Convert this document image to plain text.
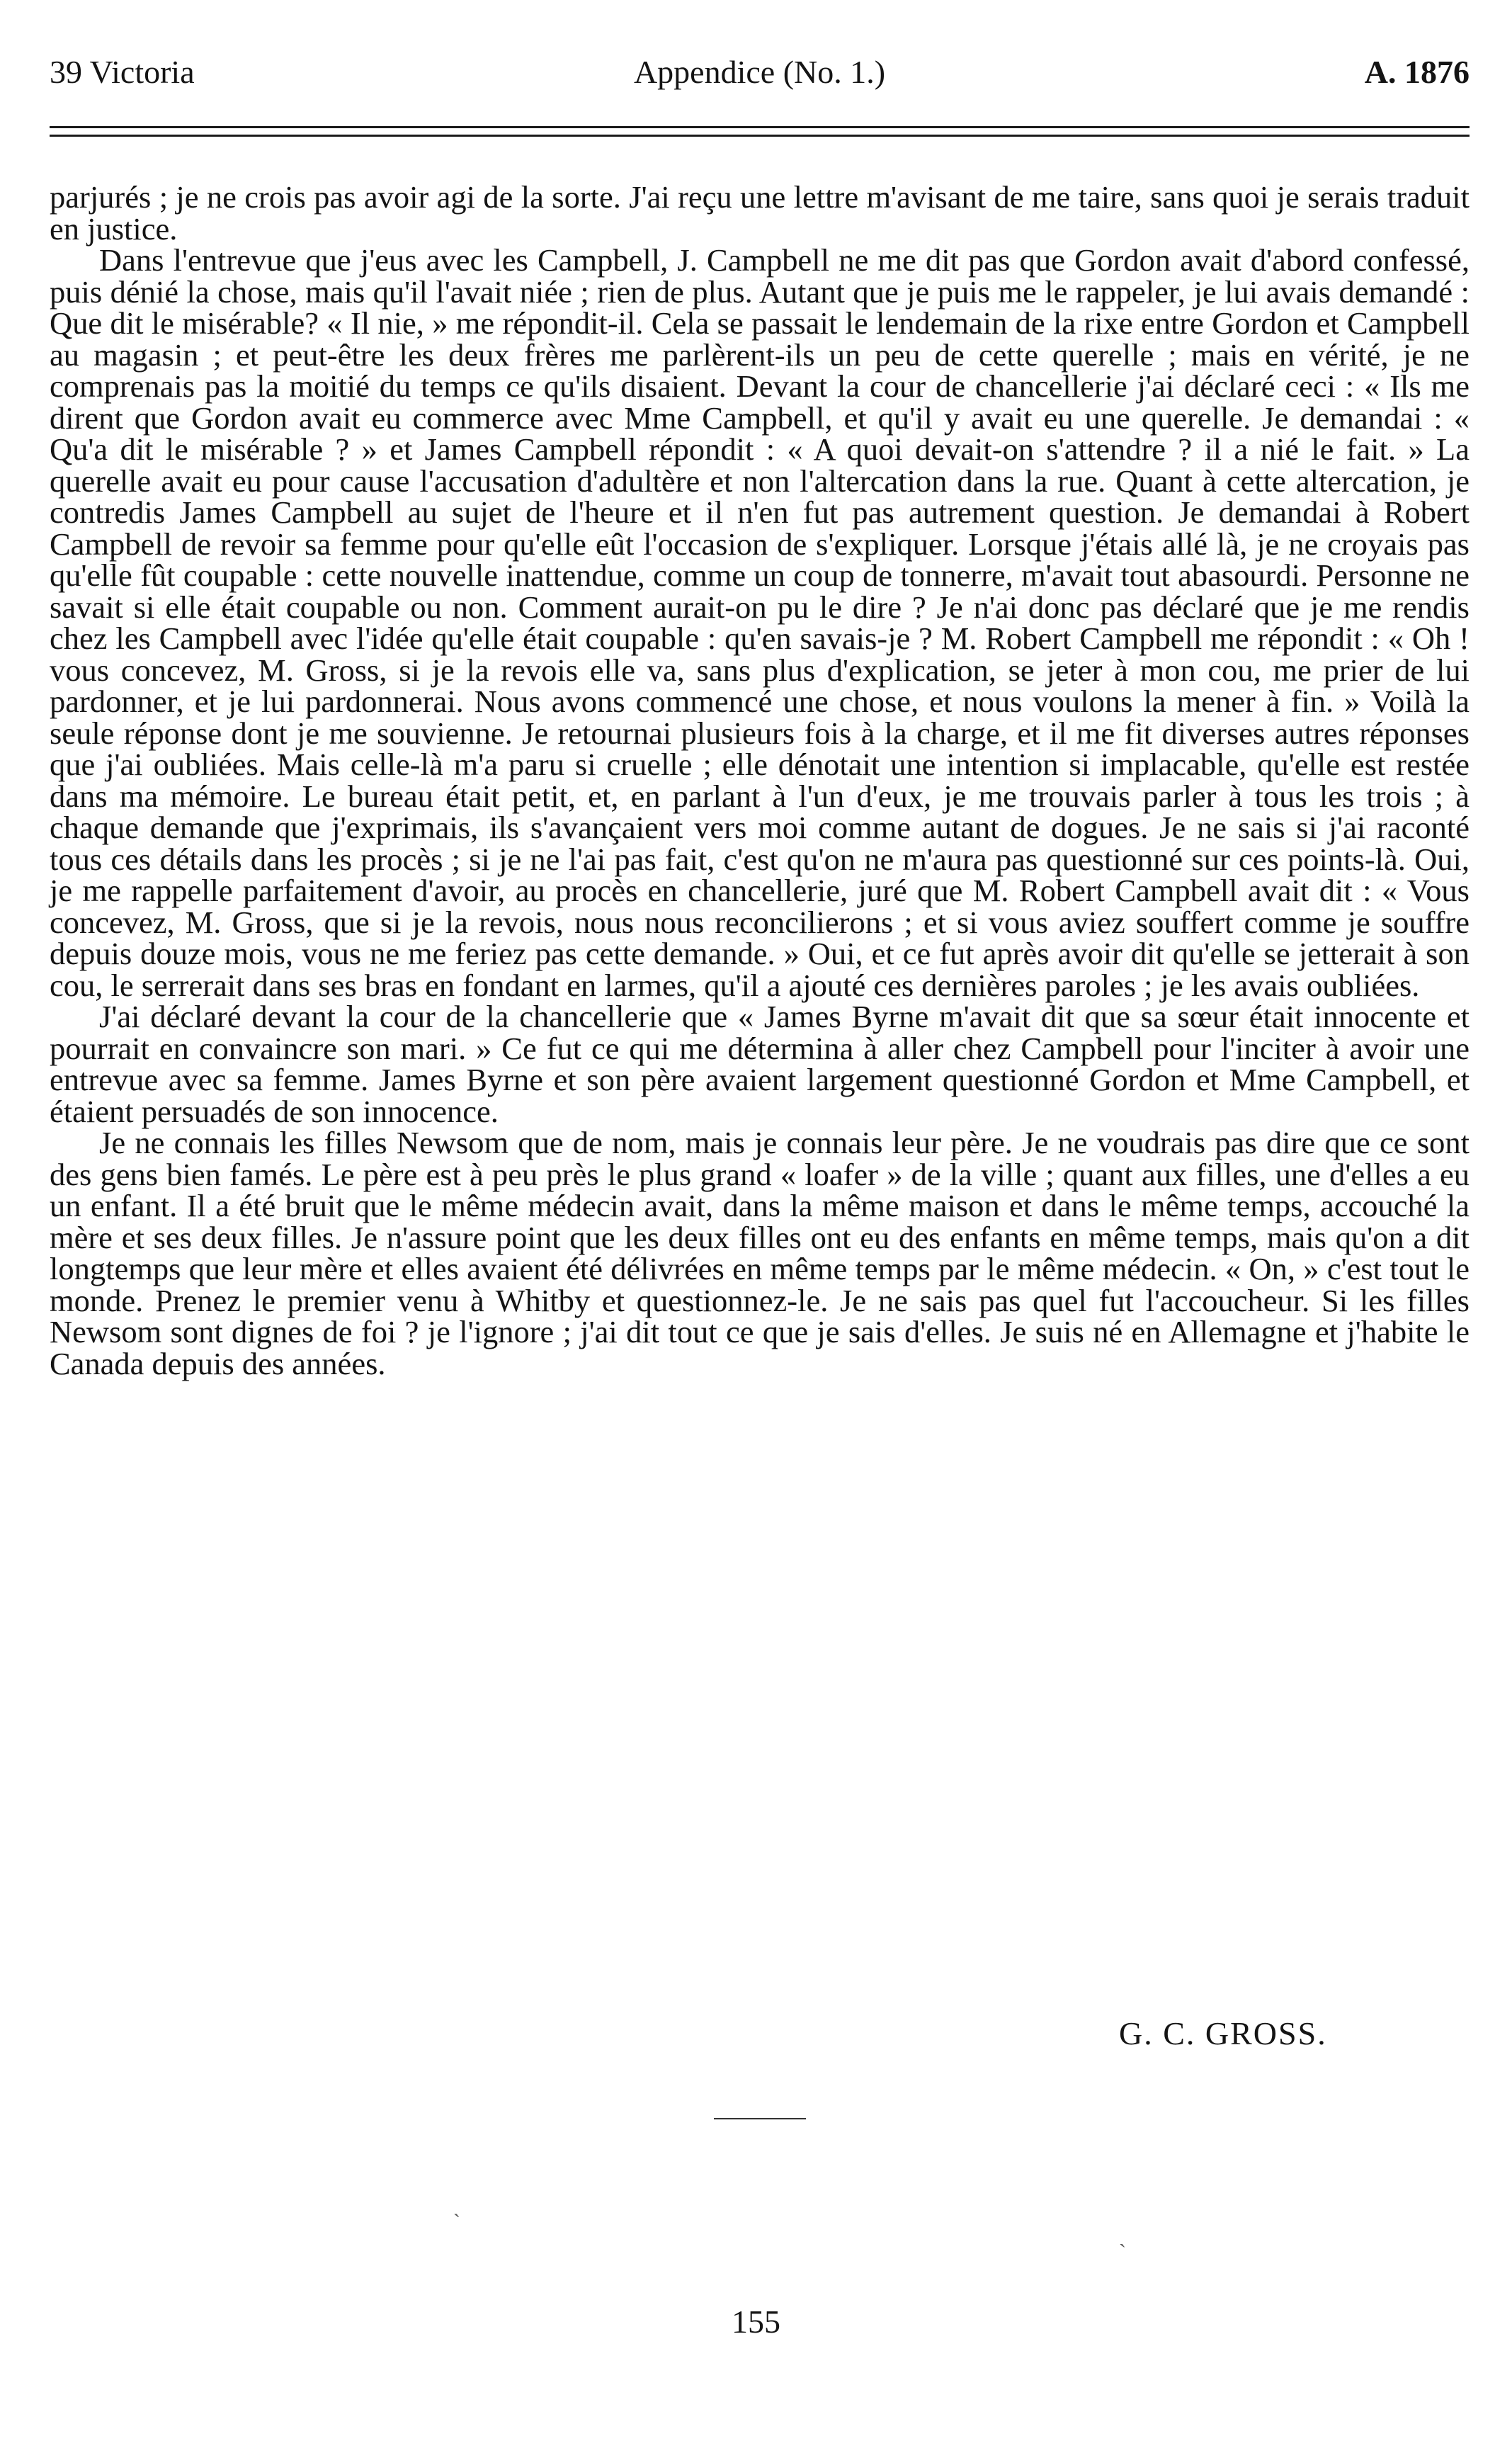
39 Victoria	Appendice (No. 1.)	A. 1876

parjurés ; je ne crois pas avoir agi de la sorte. J'ai reçu une lettre m'avisant de me taire, sans quoi je serais traduit en justice.

Dans l'entrevue que j'eus avec les Campbell, J. Campbell ne me dit pas que Gordon avait d'abord confessé, puis dénié la chose, mais qu'il l'avait niée ; rien de plus. Autant que je puis me le rappeler, je lui avais demandé : Que dit le misérable? « Il nie, » me répondit-il. Cela se passait le lendemain de la rixe entre Gordon et Campbell au magasin ; et peut-être les deux frères me parlèrent-ils un peu de cette querelle ; mais en vérité, je ne comprenais pas la moitié du temps ce qu'ils disaient. Devant la cour de chancellerie j'ai déclaré ceci : « Ils me dirent que Gordon avait eu commerce avec Mme Campbell, et qu'il y avait eu une querelle. Je demandai : « Qu'a dit le misérable ? » et James Campbell répondit : « A quoi devait-on s'attendre ? il a nié le fait. » La querelle avait eu pour cause l'accusation d'adultère et non l'altercation dans la rue. Quant à cette altercation, je contredis James Campbell au sujet de l'heure et il n'en fut pas autrement question. Je demandai à Robert Campbell de revoir sa femme pour qu'elle eût l'occasion de s'expliquer. Lorsque j'étais allé là, je ne croyais pas qu'elle fût coupable : cette nouvelle inattendue, comme un coup de tonnerre, m'avait tout abasourdi. Personne ne savait si elle était coupable ou non. Comment aurait-on pu le dire ? Je n'ai donc pas déclaré que je me rendis chez les Campbell avec l'idée qu'elle était coupable : qu'en savais-je ? M. Robert Campbell me répondit : « Oh ! vous concevez, M. Gross, si je la revois elle va, sans plus d'explication, se jeter à mon cou, me prier de lui pardonner, et je lui pardonnerai. Nous avons commencé une chose, et nous voulons la mener à fin. » Voilà la seule réponse dont je me souvienne. Je retournai plusieurs fois à la charge, et il me fit diverses autres réponses que j'ai oubliées. Mais celle-là m'a paru si cruelle ; elle dénotait une intention si implacable, qu'elle est restée dans ma mémoire. Le bureau était petit, et, en parlant à l'un d'eux, je me trouvais parler à tous les trois ; à chaque demande que j'exprimais, ils s'avançaient vers moi comme autant de dogues. Je ne sais si j'ai raconté tous ces détails dans les procès ; si je ne l'ai pas fait, c'est qu'on ne m'aura pas questionné sur ces points-là. Oui, je me rappelle parfaitement d'avoir, au procès en chancellerie, juré que M. Robert Campbell avait dit : « Vous concevez, M. Gross, que si je la revois, nous nous reconcilierons ; et si vous aviez souffert comme je souffre depuis douze mois, vous ne me feriez pas cette demande. » Oui, et ce fut après avoir dit qu'elle se jetterait à son cou, le serrerait dans ses bras en fondant en larmes, qu'il a ajouté ces dernières paroles ; je les avais oubliées.

J'ai déclaré devant la cour de la chancellerie que « James Byrne m'avait dit que sa sœur était innocente et pourrait en convaincre son mari. » Ce fut ce qui me détermina à aller chez Campbell pour l'inciter à avoir une entrevue avec sa femme. James Byrne et son père avaient largement questionné Gordon et Mme Campbell, et étaient persuadés de son innocence.

Je ne connais les filles Newsom que de nom, mais je connais leur père. Je ne voudrais pas dire que ce sont des gens bien famés. Le père est à peu près le plus grand « loafer » de la ville ; quant aux filles, une d'elles a eu un enfant. Il a été bruit que le même médecin avait, dans la même maison et dans le même temps, accouché la mère et ses deux filles. Je n'assure point que les deux filles ont eu des enfants en même temps, mais qu'on a dit longtemps que leur mère et elles avaient été délivrées en même temps par le même médecin. « On, » c'est tout le monde. Prenez le premier venu à Whitby et questionnez-le. Je ne sais pas quel fut l'accoucheur. Si les filles Newsom sont dignes de foi ? je l'ignore ; j'ai dit tout ce que je sais d'elles. Je suis né en Allemagne et j'habite le Canada depuis des années.

G. C. GROSS.
ˋ
ˎ
155
